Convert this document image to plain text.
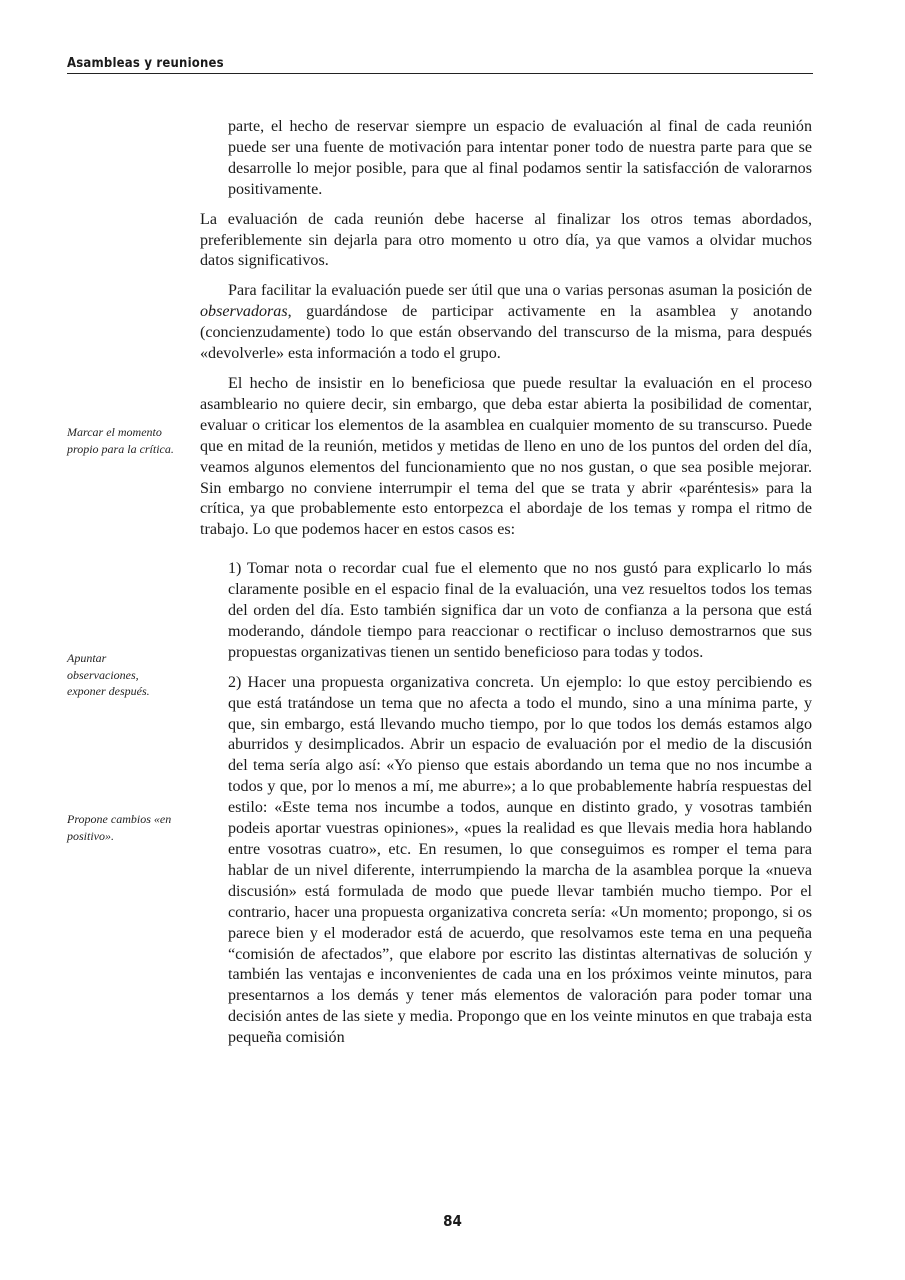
Asambleas y reuniones
Marcar el momento propio para la crítica.
Apuntar observaciones, exponer después.
Propone cambios «en positivo».

parte, el hecho de reservar siempre un espacio de evaluación al final de cada reunión puede ser una fuente de motivación para intentar poner todo de nuestra parte para que se desarrolle lo mejor posible, para que al final podamos sentir la satisfacción de valorarnos positivamente.

La evaluación de cada reunión debe hacerse al finalizar los otros temas abordados, preferiblemente sin dejarla para otro momento u otro día, ya que vamos a olvidar muchos datos significativos.

Para facilitar la evaluación puede ser útil que una o varias personas asuman la posición de observadoras, guardándose de participar activamente en la asamblea y anotando (concienzudamente) todo lo que están observando del transcurso de la misma, para después «devolverle» esta información a todo el grupo.

El hecho de insistir en lo beneficiosa que puede resultar la evaluación en el proceso asambleario no quiere decir, sin embargo, que deba estar abierta la posibilidad de comentar, evaluar o criticar los elementos de la asamblea en cualquier momento de su transcurso. Puede que en mitad de la reunión, metidos y metidas de lleno en uno de los puntos del orden del día, veamos algunos elementos del funcionamiento que no nos gustan, o que sea posible mejorar. Sin embargo no conviene interrumpir el tema del que se trata y abrir «paréntesis» para la crítica, ya que probablemente esto entorpezca el abordaje de los temas y rompa el ritmo de trabajo. Lo que podemos hacer en estos casos es:

1) Tomar nota o recordar cual fue el elemento que no nos gustó para explicarlo lo más claramente posible en el espacio final de la evaluación, una vez resueltos todos los temas del orden del día. Esto también significa dar un voto de confianza a la persona que está moderando, dándole tiempo para reaccionar o rectificar o incluso demostrarnos que sus propuestas organizativas tienen un sentido beneficioso para todas y todos.

2) Hacer una propuesta organizativa concreta. Un ejemplo: lo que estoy percibiendo es que está tratándose un tema que no afecta a todo el mundo, sino a una mínima parte, y que, sin embargo, está llevando mucho tiempo, por lo que todos los demás estamos algo aburridos y desimplicados. Abrir un espacio de evaluación por el medio de la discusión del tema sería algo así: «Yo pienso que estais abordando un tema que no nos incumbe a todos y que, por lo menos a mí, me aburre»; a lo que probablemente habría respuestas del estilo: «Este tema nos incumbe a todos, aunque en distinto grado, y vosotras también podeis aportar vuestras opiniones», «pues la realidad es que llevais media hora hablando entre vosotras cuatro», etc. En resumen, lo que conseguimos es romper el tema para hablar de un nivel diferente, interrumpiendo la marcha de la asamblea porque la «nueva discusión» está formulada de modo que puede llevar también mucho tiempo. Por el contrario, hacer una propuesta organizativa concreta sería: «Un momento; propongo, si os parece bien y el moderador está de acuerdo, que resolvamos este tema en una pequeña “comisión de afectados”, que elabore por escrito las distintas alternativas de solución y también las ventajas e inconvenientes de cada una en los próximos veinte minutos, para presentarnos a los demás y tener más elementos de valoración para poder tomar una decisión antes de las siete y media. Propongo que en los veinte minutos en que trabaja esta pequeña comisión

84
